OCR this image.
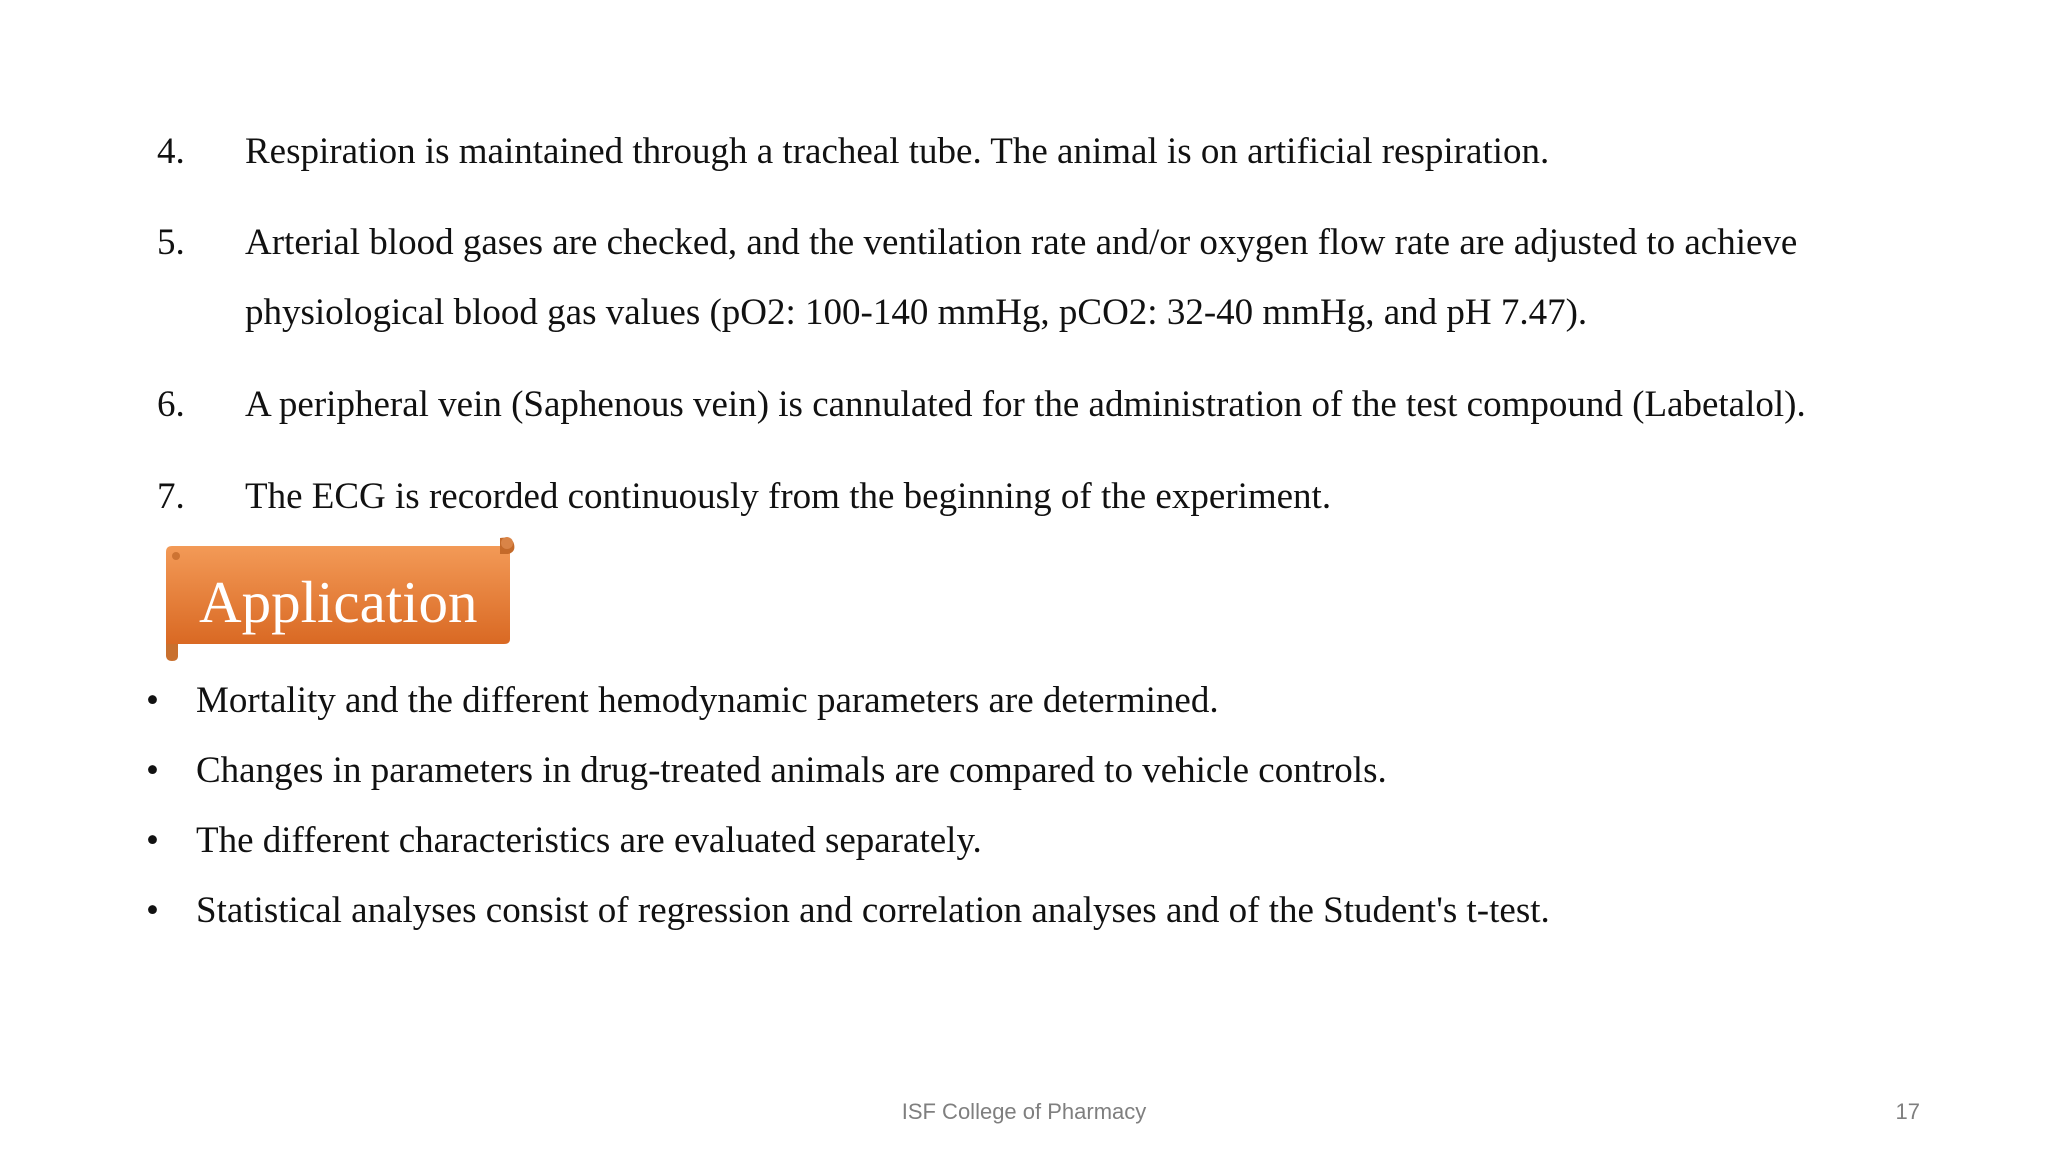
4. Respiration is maintained through a tracheal tube. The animal is on artificial respiration.
5. Arterial blood gases are checked, and the ventilation rate and/or oxygen flow rate are adjusted to achieve
physiological blood gas values (pO2: 100-140 mmHg, pCO2: 32-40 mmHg, and pH 7.47).
6. A peripheral vein (Saphenous vein) is cannulated for the administration of the test compound (Labetalol).
7. The ECG is recorded continuously from the beginning of the experiment.
Application
• Mortality and the different hemodynamic parameters are determined.
• Changes in parameters in drug-treated animals are compared to vehicle controls.
• The different characteristics are evaluated separately.
• Statistical analyses consist of regression and correlation analyses and of the Student's t-test.
ISF College of Pharmacy	17
